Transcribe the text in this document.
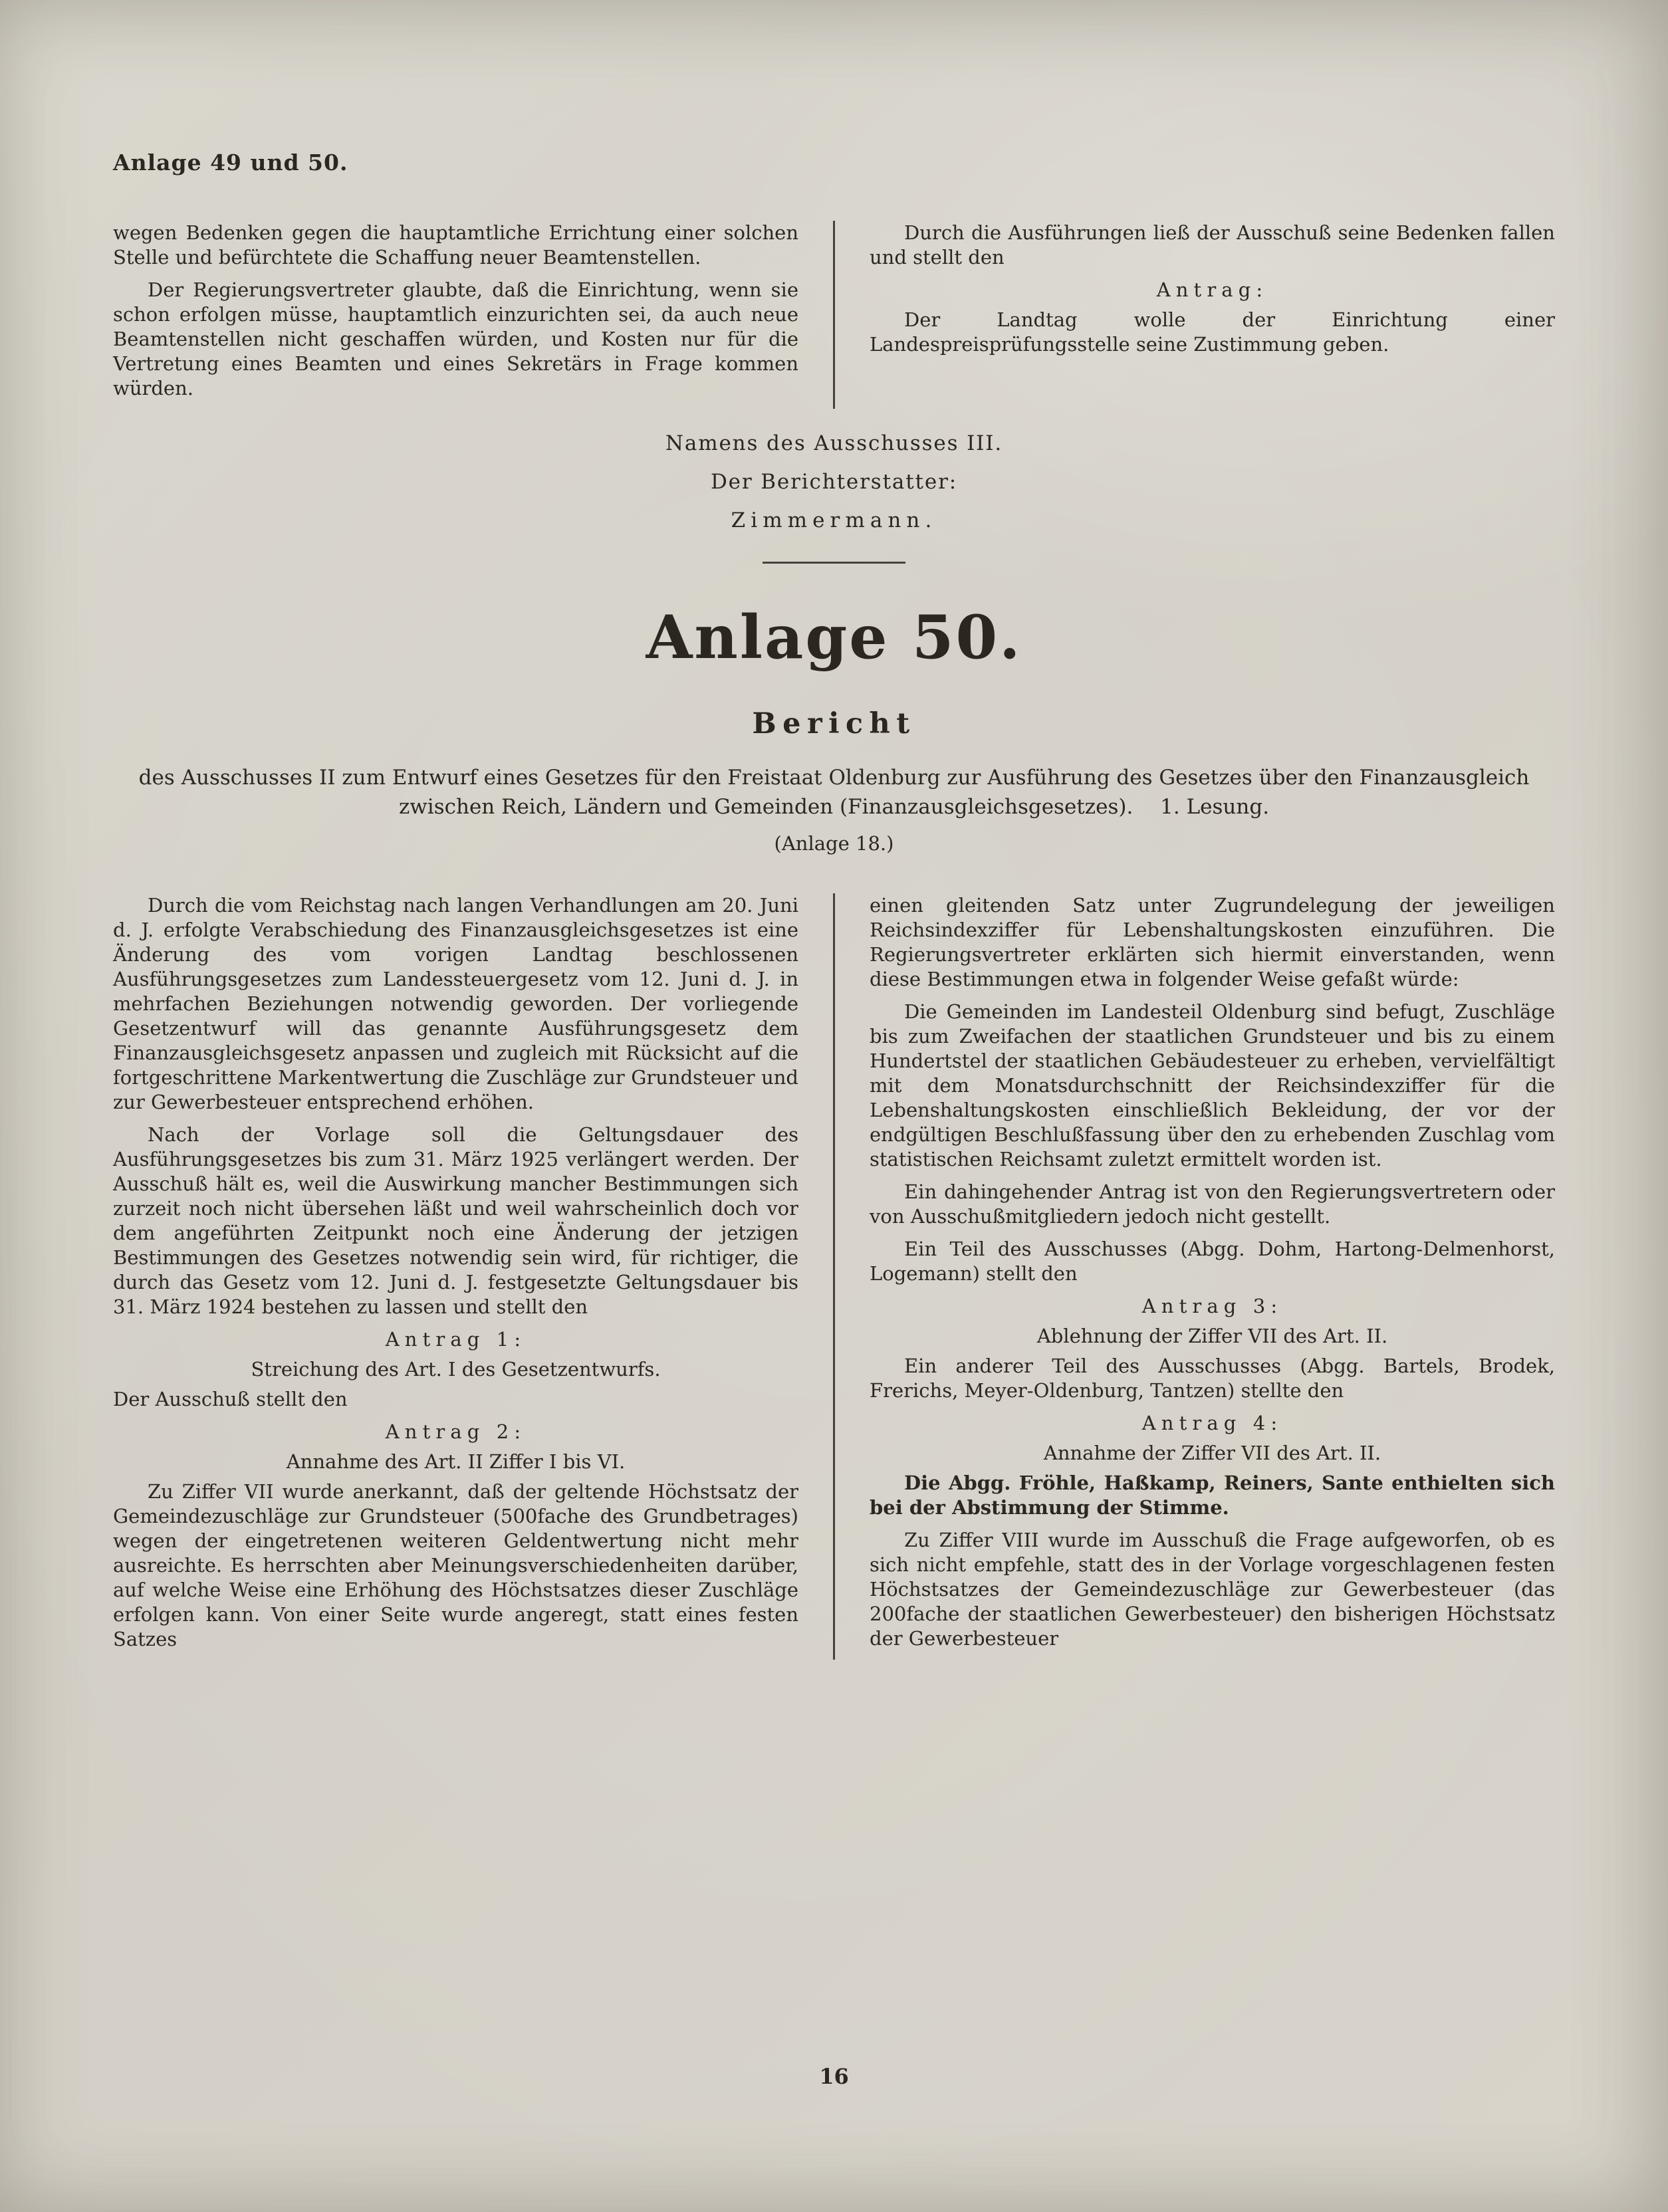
Anlage 49 und 50.

wegen Bedenken gegen die hauptamtliche Errichtung einer solchen Stelle und befürchtete die Schaffung neuer Beamtenstellen.

Der Regierungsvertreter glaubte, daß die Einrichtung, wenn sie schon erfolgen müsse, hauptamtlich einzurichten sei, da auch neue Beamtenstellen nicht geschaffen würden, und Kosten nur für die Vertretung eines Beamten und eines Sekretärs in Frage kommen würden.

Durch die Ausführungen ließ der Ausschuß seine Bedenken fallen und stellt den

Antrag:

Der Landtag wolle der Einrichtung einer Landespreisprüfungsstelle seine Zustimmung geben.

Namens des Ausschusses III.
Der Berichterstatter:
Zimmermann.
Anlage 50.
Bericht

des Ausschusses II zum Entwurf eines Gesetzes für den Freistaat Oldenburg zur Ausführung des Gesetzes über den Finanzausgleich zwischen Reich, Ländern und Gemeinden (Finanzausgleichsgesetzes).  1. Lesung.

(Anlage 18.)

Durch die vom Reichstag nach langen Verhandlungen am 20. Juni d. J. erfolgte Verabschiedung des Finanzausgleichsgesetzes ist eine Änderung des vom vorigen Landtag beschlossenen Ausführungsgesetzes zum Landessteuergesetz vom 12. Juni d. J. in mehrfachen Beziehungen notwendig geworden. Der vorliegende Gesetzentwurf will das genannte Ausführungsgesetz dem Finanzausgleichsgesetz anpassen und zugleich mit Rücksicht auf die fortgeschrittene Markentwertung die Zuschläge zur Grundsteuer und zur Gewerbesteuer entsprechend erhöhen.

Nach der Vorlage soll die Geltungsdauer des Ausführungsgesetzes bis zum 31. März 1925 verlängert werden. Der Ausschuß hält es, weil die Auswirkung mancher Bestimmungen sich zurzeit noch nicht übersehen läßt und weil wahrscheinlich doch vor dem angeführten Zeitpunkt noch eine Änderung der jetzigen Bestimmungen des Gesetzes notwendig sein wird, für richtiger, die durch das Gesetz vom 12. Juni d. J. festgesetzte Geltungsdauer bis 31. März 1924 bestehen zu lassen und stellt den

Antrag 1:

Streichung des Art. I des Gesetzentwurfs.

Der Ausschuß stellt den

Antrag 2:

Annahme des Art. II Ziffer I bis VI.

Zu Ziffer VII wurde anerkannt, daß der geltende Höchstsatz der Gemeindezuschläge zur Grundsteuer (500fache des Grundbetrages) wegen der eingetretenen weiteren Geldentwertung nicht mehr ausreichte. Es herrschten aber Meinungsverschiedenheiten darüber, auf welche Weise eine Erhöhung des Höchstsatzes dieser Zuschläge erfolgen kann. Von einer Seite wurde angeregt, statt eines festen Satzes

einen gleitenden Satz unter Zugrundelegung der jeweiligen Reichsindexziffer für Lebenshaltungskosten einzuführen. Die Regierungsvertreter erklärten sich hiermit einverstanden, wenn diese Bestimmungen etwa in folgender Weise gefaßt würde:

Die Gemeinden im Landesteil Oldenburg sind befugt, Zuschläge bis zum Zweifachen der staatlichen Grundsteuer und bis zu einem Hundertstel der staatlichen Gebäudesteuer zu erheben, vervielfältigt mit dem Monatsdurchschnitt der Reichsindexziffer für die Lebenshaltungskosten einschließlich Bekleidung, der vor der endgültigen Beschlußfassung über den zu erhebenden Zuschlag vom statistischen Reichsamt zuletzt ermittelt worden ist.

Ein dahingehender Antrag ist von den Regierungsvertretern oder von Ausschußmitgliedern jedoch nicht gestellt.

Ein Teil des Ausschusses (Abgg. Dohm, Hartong-Delmenhorst, Logemann) stellt den

Antrag 3:

Ablehnung der Ziffer VII des Art. II.

Ein anderer Teil des Ausschusses (Abgg. Bartels, Brodek, Frerichs, Meyer-Oldenburg, Tantzen) stellte den

Antrag 4:

Annahme der Ziffer VII des Art. II.

Die Abgg. Fröhle, Haßkamp, Reiners, Sante enthielten sich bei der Abstimmung der Stimme.

Zu Ziffer VIII wurde im Ausschuß die Frage aufgeworfen, ob es sich nicht empfehle, statt des in der Vorlage vorgeschlagenen festen Höchstsatzes der Gemeindezuschläge zur Gewerbesteuer (das 200fache der staatlichen Gewerbesteuer) den bisherigen Höchstsatz der Gewerbesteuer

16
